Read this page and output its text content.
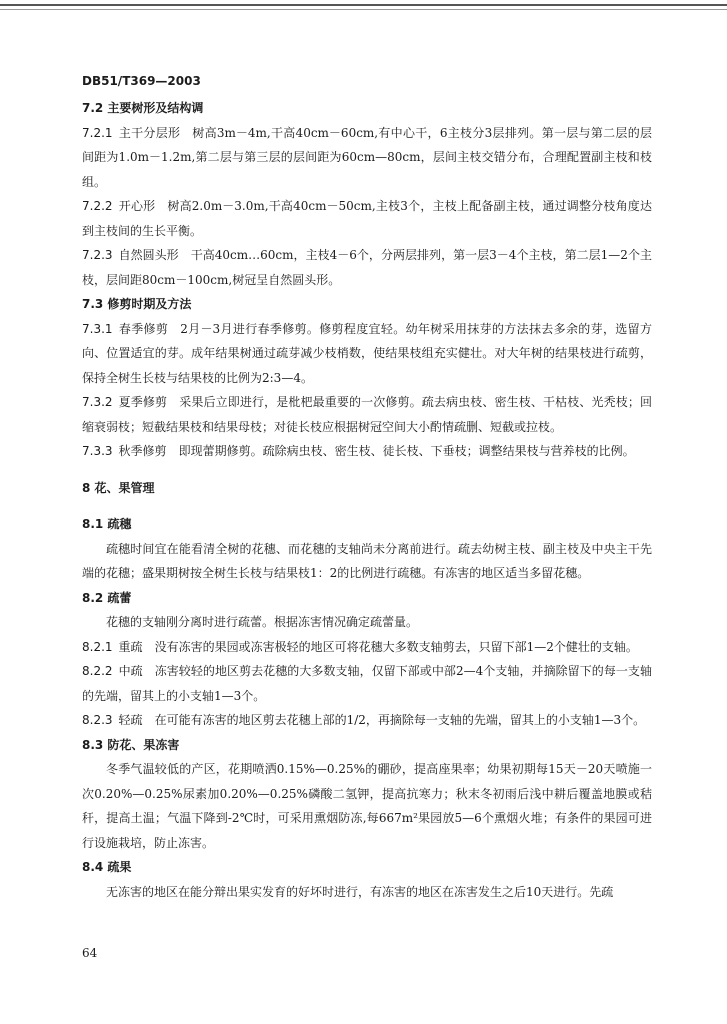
DB51/T369—2003

7.2 主要树形及结构调

7.2.1 主干分层形 树高3m－4m,干高40cm－60cm,有中心干，6主枝分3层排列。第一层与第二层的层间距为1.0m－1.2m,第二层与第三层的层间距为60cm—80cm，层间主枝交错分布，合理配置副主枝和枝组。

7.2.2 开心形 树高2.0m－3.0m,干高40cm－50cm,主枝3个，主枝上配备副主枝，通过调整分枝角度达到主枝间的生长平衡。

7.2.3 自然圆头形 干高40cm…60cm，主枝4－6个，分两层排列，第一层3－4个主枝，第二层1—2个主枝，层间距80cm－100cm,树冠呈自然圆头形。

7.3 修剪时期及方法

7.3.1 春季修剪 2月－3月进行春季修剪。修剪程度宜轻。幼年树采用抹芽的方法抹去多余的芽，选留方向、位置适宜的芽。成年结果树通过疏芽减少枝梢数，使结果枝组充实健壮。对大年树的结果枝进行疏剪，保持全树生长枝与结果枝的比例为2:3—4。

7.3.2 夏季修剪 采果后立即进行，是枇杷最重要的一次修剪。疏去病虫枝、密生枝、干枯枝、光秃枝；回缩衰弱枝；短截结果枝和结果母枝；对徒长枝应根据树冠空间大小酌情疏删、短截或拉枝。

7.3.3 秋季修剪 即现蕾期修剪。疏除病虫枝、密生枝、徒长枝、下垂枝；调整结果枝与营养枝的比例。

8 花、果管理

8.1 疏穗

疏穗时间宜在能看清全树的花穗、而花穗的支轴尚未分离前进行。疏去幼树主枝、副主枝及中央主干先端的花穗；盛果期树按全树生长枝与结果枝1：2的比例进行疏穗。有冻害的地区适当多留花穗。

8.2 疏蕾

花穗的支轴刚分离时进行疏蕾。根据冻害情况确定疏蕾量。

8.2.1 重疏 没有冻害的果园或冻害极轻的地区可将花穗大多数支轴剪去，只留下部1—2个健壮的支轴。

8.2.2 中疏 冻害较轻的地区剪去花穗的大多数支轴，仅留下部或中部2—4个支轴，并摘除留下的每一支轴的先端，留其上的小支轴1—3个。

8.2.3 轻疏 在可能有冻害的地区剪去花穗上部的1/2，再摘除每一支轴的先端，留其上的小支轴1—3个。

8.3 防花、果冻害

冬季气温较低的产区，花期喷洒0.15%—0.25%的硼砂，提高座果率；幼果初期每15天－20天喷施一次0.20%—0.25%尿素加0.20%—0.25%磷酸二氢钾，提高抗寒力；秋末冬初雨后浅中耕后覆盖地膜或秸秆，提高土温；气温下降到-2℃时，可采用熏烟防冻,每667m²果园放5—6个熏烟火堆；有条件的果园可进行设施栽培，防止冻害。

8.4 疏果

无冻害的地区在能分辩出果实发育的好坏时进行，有冻害的地区在冻害发生之后10天进行。先疏

64
